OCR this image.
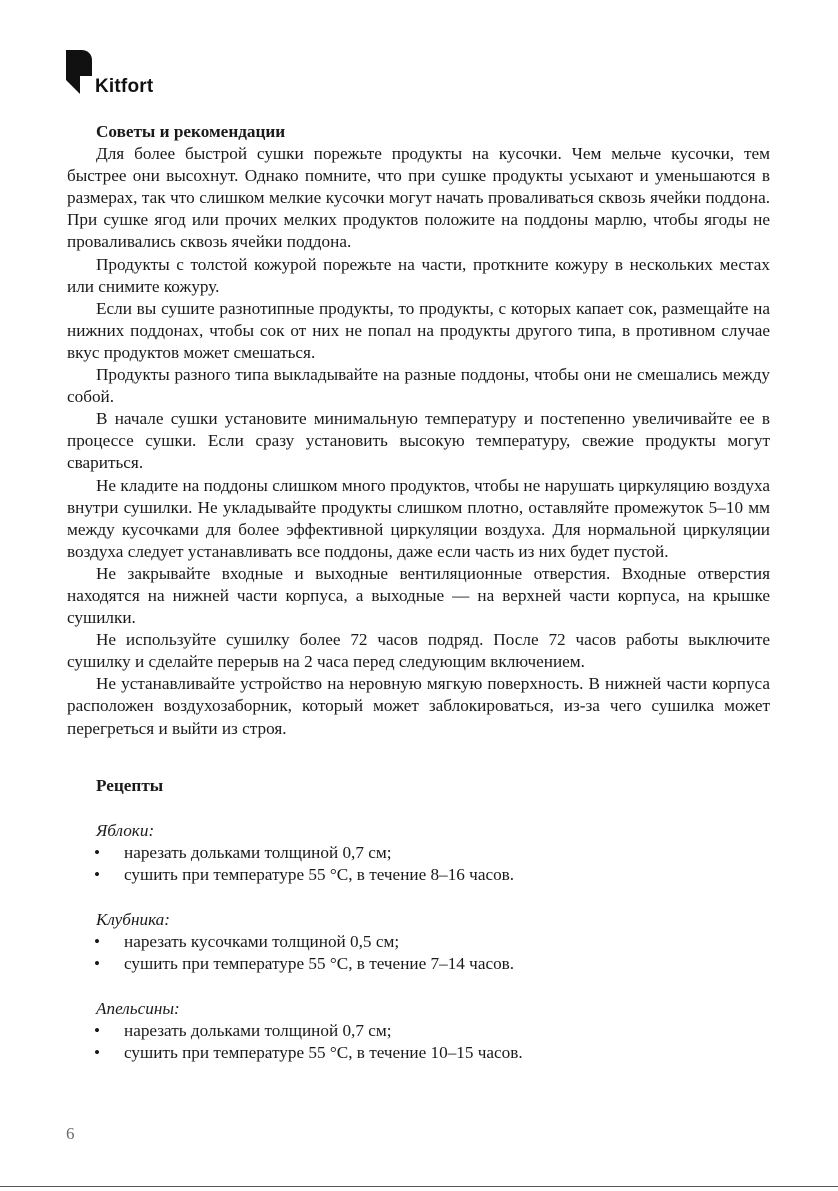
Kitfort
Советы и рекомендации

Для более быстрой сушки порежьте продукты на кусочки. Чем мельче кусочки, тем быстрее они высохнут. Однако помните, что при сушке продукты усыхают и уменьшаются в размерах, так что слишком мелкие кусочки могут начать проваливаться сквозь ячейки поддона. При сушке ягод или прочих мелких продуктов положите на поддоны марлю, чтобы ягоды не проваливались сквозь ячейки поддона.

Продукты с толстой кожурой порежьте на части, проткните кожуру в нескольких местах или снимите кожуру.

Если вы сушите разнотипные продукты, то продукты, с которых капает сок, размещайте на нижних поддонах, чтобы сок от них не попал на продукты другого типа, в противном случае вкус продуктов может смешаться.

Продукты разного типа выкладывайте на разные поддоны, чтобы они не смешались между собой.

В начале сушки установите минимальную температуру и постепенно увеличивайте ее в процессе сушки. Если сразу установить высокую температуру, свежие продукты могут свариться.

Не кладите на поддоны слишком много продуктов, чтобы не нарушать циркуляцию воздуха внутри сушилки. Не укладывайте продукты слишком плотно, оставляйте промежуток 5–10 мм между кусочками для более эффективной циркуляции воздуха. Для нормальной циркуляции воздуха следует устанавливать все поддоны, даже если часть из них будет пустой.

Не закрывайте входные и выходные вентиляционные отверстия. Входные отверстия находятся на нижней части корпуса, а выходные — на верхней части корпуса, на крышке сушилки.

Не используйте сушилку более 72 часов подряд. После 72 часов работы выключите сушилку и сделайте перерыв на 2 часа перед следующим включением.

Не устанавливайте устройство на неровную мягкую поверхность. В нижней части корпуса расположен воздухозаборник, который может заблокироваться, из-за чего сушилка может перегреться и выйти из строя.

Рецепты
Яблоки:
• нарезать дольками толщиной 0,7 см;
• сушить при температуре 55 °С, в течение 8–16 часов.
Клубника:
• нарезать кусочками толщиной 0,5 см;
• сушить при температуре 55 °С, в течение 7–14 часов.
Апельсины:
• нарезать дольками толщиной 0,7 см;
• сушить при температуре 55 °С, в течение 10–15 часов.
6
